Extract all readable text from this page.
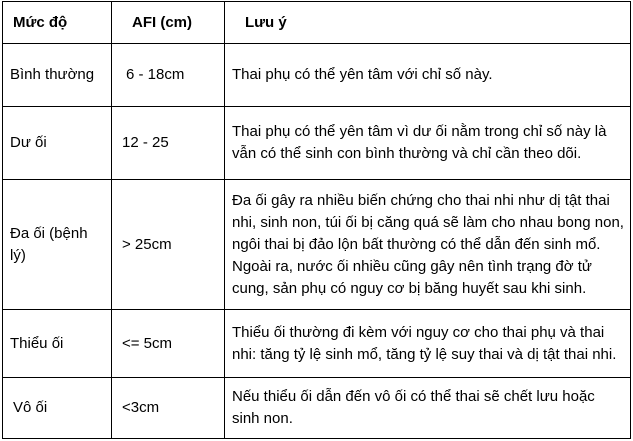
Mức độ	AFI (cm)	Lưu ý
Bình thường	6 - 18cm	Thai phụ có thể yên tâm với chỉ số này.
Dư ối	12 - 25	Thai phụ có thể yên tâm vì dư ối nằm trong chỉ số này là vẫn có thể sinh con bình thường và chỉ cần theo dõi.
Đa ối (bệnh lý)	> 25cm	Đa ối gây ra nhiều biến chứng cho thai nhi như dị tật thai nhi, sinh non, túi ối bị căng quá sẽ làm cho nhau bong non, ngôi thai bị đảo lộn bất thường có thể dẫn đến sinh mổ. Ngoài ra, nước ối nhiều cũng gây nên tình trạng đờ tử cung, sản phụ có nguy cơ bị băng huyết sau khi sinh.
Thiểu ối	<= 5cm	Thiểu ối thường đi kèm với nguy cơ cho thai phụ và thai nhi: tăng tỷ lệ sinh mổ, tăng tỷ lệ suy thai và dị tật thai nhi.
Vô ối	<3cm	Nếu thiểu ối dẫn đến vô ối có thể thai sẽ chết lưu hoặc sinh non.
